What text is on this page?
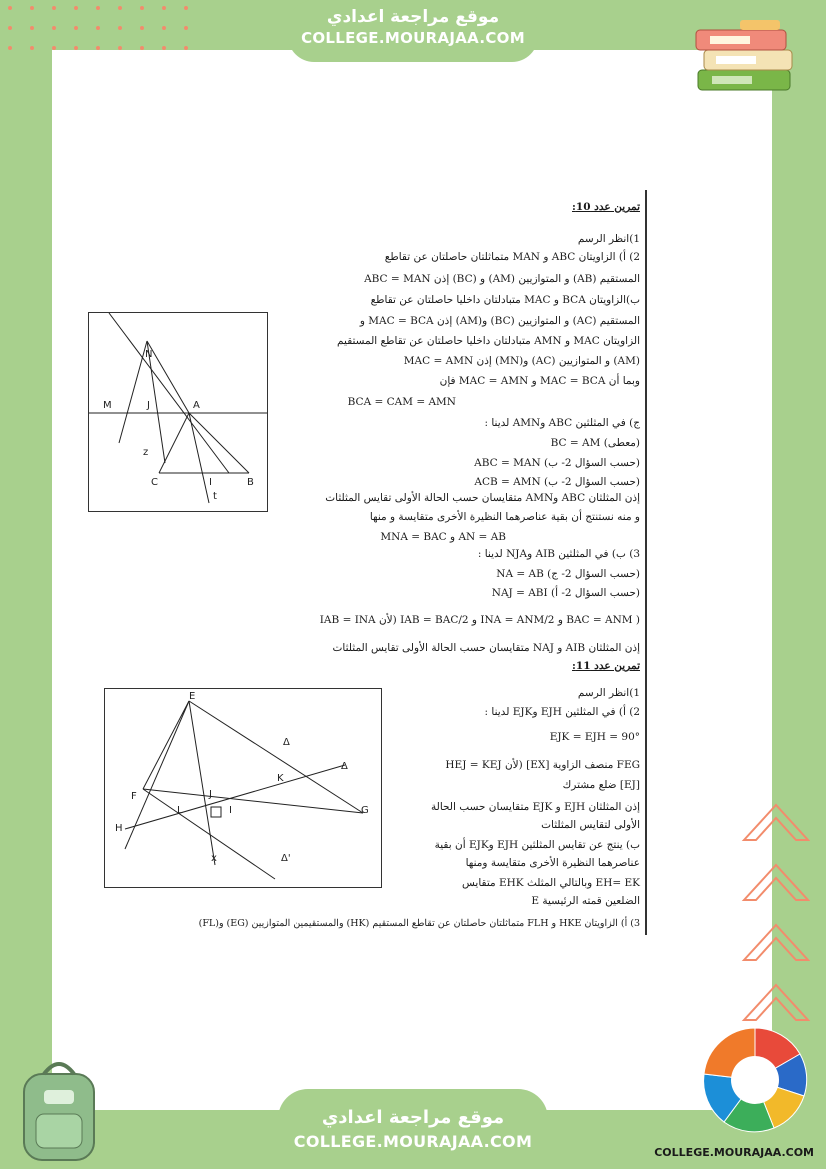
موقع مراجعة اعدادي
COLLEGE.MOURAJAA.COM
تمرين عدد 10:
1)انظر الرسم
2) أ) الزاويتان ABC و MAN متماثلتان حاصلتان عن تقاطع
المستقيم (AB) و المتوازيين (AM) و (BC) إذن ABC = MAN
ب)الزاويتان BCA و MAC متبادلتان داخليا حاصلتان عن تقاطع
المستقيم (AC) و المتوازيين (BC) و(AM) إذن MAC = BCA و
الزاويتان MAC و AMN متبادلتان داخليا حاصلتان عن تقاطع المستقيم
(AM) و المتوازيين (AC) و(MN) إذن MAC = AMN
وبما أن MAC = BCA و MAC = AMN فإن
BCA = CAM = AMN
ج) في المثلثين ABC وAMN لدينا :
(معطى) BC = AM
(حسب السؤال 2- ب) ABC = MAN
(حسب السؤال 2- ب) ACB = AMN
إذن المثلثان ABC وAMN متقايسان حسب الحالة الأولى تقايس المثلثات
و منه نستنتج أن بقية عناصرهما النظيرة الأخرى متقايسة و منها
AN = AB و MNA = BAC
3) ب) في المثلثين AIB وNJA لدينا :
(حسب السؤال 2- ج) NA = AB
(حسب السؤال 2- أ) NAJ = ABI
( BAC = ANM و INA = ANM/2 و IAB = BAC/2 (لأن IAB = INA
إذن المثلثان AIB و NAJ متقايسان حسب الحالة الأولى تقايس المثلثات
تمرين عدد 11:
1)انظر الرسم
2) أ) في المثلثين EJH وEJK لدينا :
EJK = EJH = 90°
FEG منصف الزاوية [EX] (لأن HEJ = KEJ
[EJ] ضلع مشترك
إذن المثلثان EJH و EJK متقايسان حسب الحالة
الأولى لتقايس المثلثات
ب) ينتج عن تقايس المثلثين EJH وEJK أن بقية
عناصرهما النظيرة الأخرى متقايسة ومنها
EH= EK وبالتالي المثلث EHK متقايس
الضلعين قمته الرئيسية E
3) أ) الزاويتان HKE و FLH متماثلتان حاصلتان عن تقاطع المستقيم (HK) والمستقيمين المتوازيين (EG) و(FL)
N
M	J	A
z
C	I	B
t
E
Δ
K
Δ
F	J
L	I	G
H
x	Δ'
COLLEGE.MOURAJAA.COM
موقع مراجعة اعدادي
COLLEGE.MOURAJAA.COM
